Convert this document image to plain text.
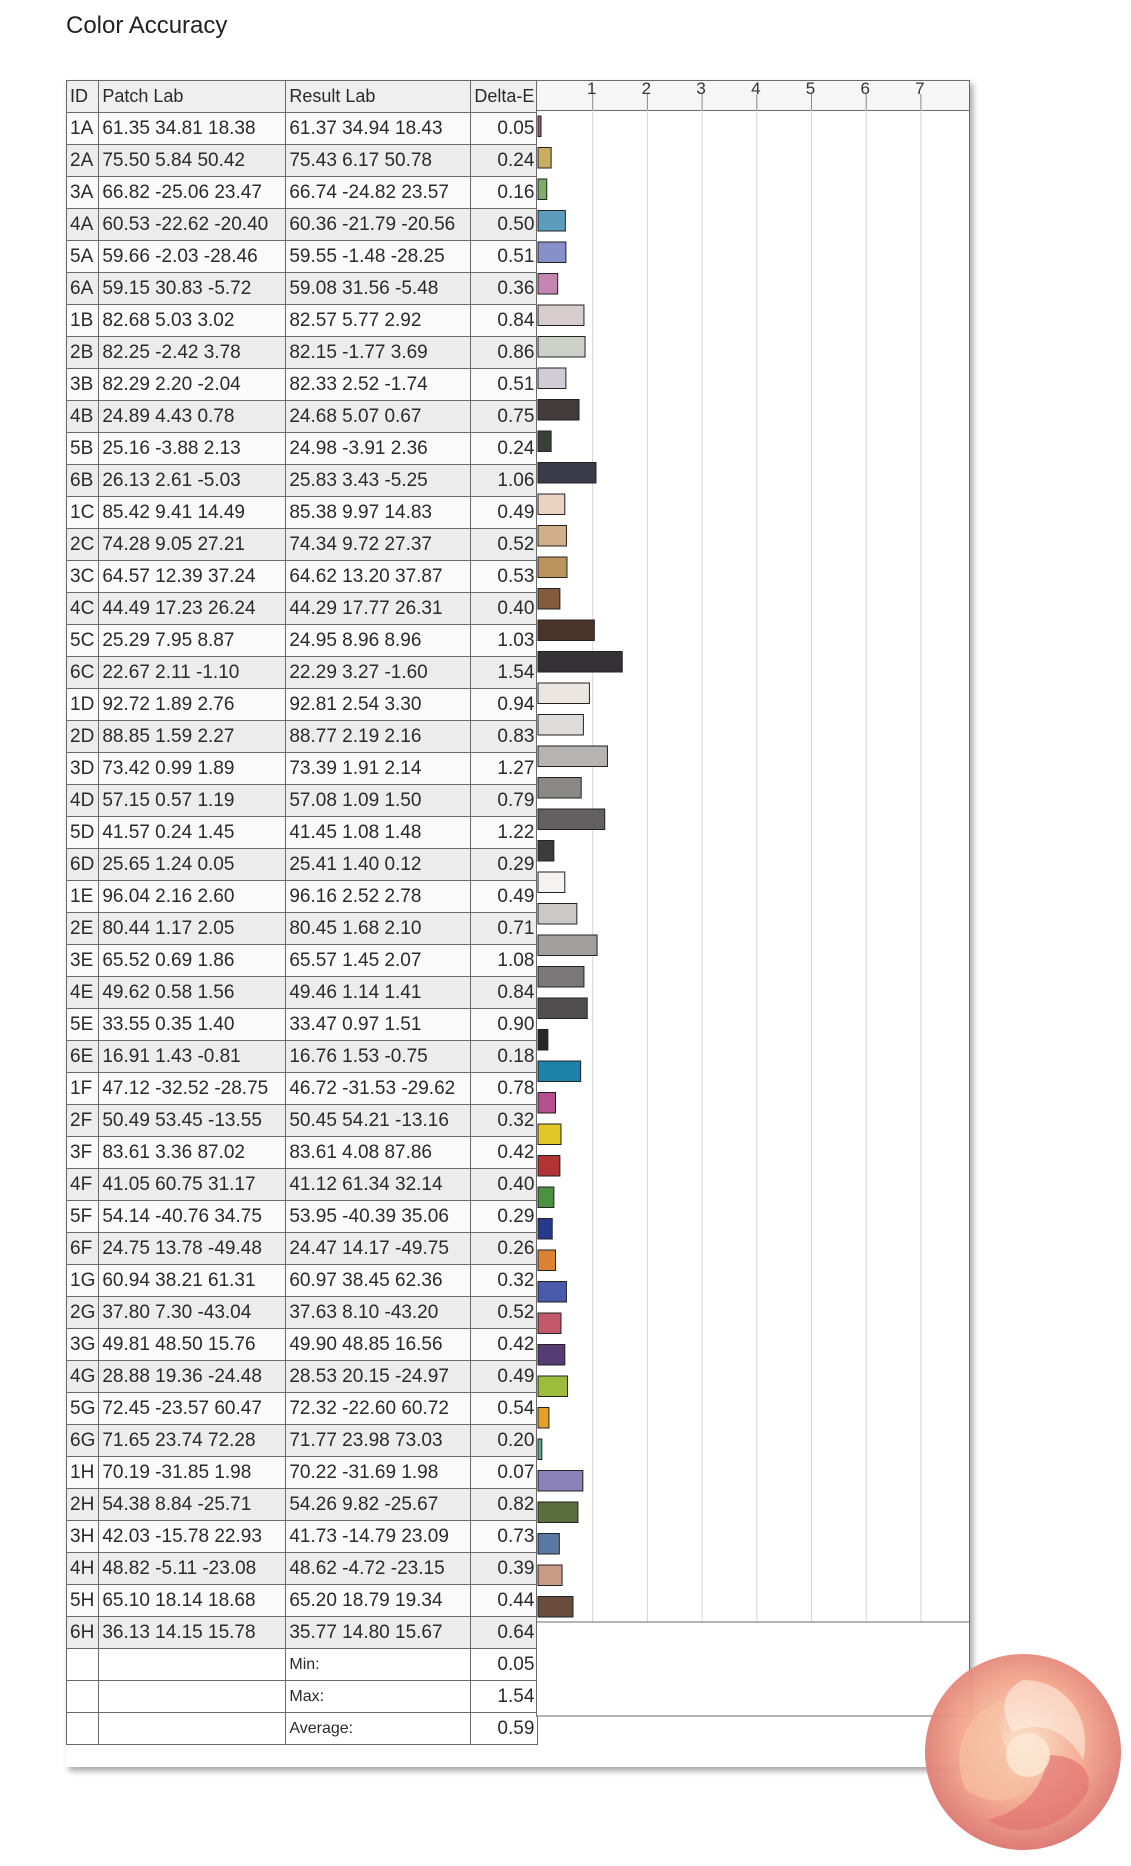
Color Accuracy
ID	Patch Lab	Result Lab	Delta-E
1A	61.35 34.81 18.38	61.37 34.94 18.43	0.05
2A	75.50 5.84 50.42	75.43 6.17 50.78	0.24
3A	66.82 -25.06 23.47	66.74 -24.82 23.57	0.16
4A	60.53 -22.62 -20.40	60.36 -21.79 -20.56	0.50
5A	59.66 -2.03 -28.46	59.55 -1.48 -28.25	0.51
6A	59.15 30.83 -5.72	59.08 31.56 -5.48	0.36
1B	82.68 5.03 3.02	82.57 5.77 2.92	0.84
2B	82.25 -2.42 3.78	82.15 -1.77 3.69	0.86
3B	82.29 2.20 -2.04	82.33 2.52 -1.74	0.51
4B	24.89 4.43 0.78	24.68 5.07 0.67	0.75
5B	25.16 -3.88 2.13	24.98 -3.91 2.36	0.24
6B	26.13 2.61 -5.03	25.83 3.43 -5.25	1.06
1C	85.42 9.41 14.49	85.38 9.97 14.83	0.49
2C	74.28 9.05 27.21	74.34 9.72 27.37	0.52
3C	64.57 12.39 37.24	64.62 13.20 37.87	0.53
4C	44.49 17.23 26.24	44.29 17.77 26.31	0.40
5C	25.29 7.95 8.87	24.95 8.96 8.96	1.03
6C	22.67 2.11 -1.10	22.29 3.27 -1.60	1.54
1D	92.72 1.89 2.76	92.81 2.54 3.30	0.94
2D	88.85 1.59 2.27	88.77 2.19 2.16	0.83
3D	73.42 0.99 1.89	73.39 1.91 2.14	1.27
4D	57.15 0.57 1.19	57.08 1.09 1.50	0.79
5D	41.57 0.24 1.45	41.45 1.08 1.48	1.22
6D	25.65 1.24 0.05	25.41 1.40 0.12	0.29
1E	96.04 2.16 2.60	96.16 2.52 2.78	0.49
2E	80.44 1.17 2.05	80.45 1.68 2.10	0.71
3E	65.52 0.69 1.86	65.57 1.45 2.07	1.08
4E	49.62 0.58 1.56	49.46 1.14 1.41	0.84
5E	33.55 0.35 1.40	33.47 0.97 1.51	0.90
6E	16.91 1.43 -0.81	16.76 1.53 -0.75	0.18
1F	47.12 -32.52 -28.75	46.72 -31.53 -29.62	0.78
2F	50.49 53.45 -13.55	50.45 54.21 -13.16	0.32
3F	83.61 3.36 87.02	83.61 4.08 87.86	0.42
4F	41.05 60.75 31.17	41.12 61.34 32.14	0.40
5F	54.14 -40.76 34.75	53.95 -40.39 35.06	0.29
6F	24.75 13.78 -49.48	24.47 14.17 -49.75	0.26
1G	60.94 38.21 61.31	60.97 38.45 62.36	0.32
2G	37.80 7.30 -43.04	37.63 8.10 -43.20	0.52
3G	49.81 48.50 15.76	49.90 48.85 16.56	0.42
4G	28.88 19.36 -24.48	28.53 20.15 -24.97	0.49
5G	72.45 -23.57 60.47	72.32 -22.60 60.72	0.54
6G	71.65 23.74 72.28	71.77 23.98 73.03	0.20
1H	70.19 -31.85 1.98	70.22 -31.69 1.98	0.07
2H	54.38 8.84 -25.71	54.26 9.82 -25.67	0.82
3H	42.03 -15.78 22.93	41.73 -14.79 23.09	0.73
4H	48.82 -5.11 -23.08	48.62 -4.72 -23.15	0.39
5H	65.10 18.14 18.68	65.20 18.79 19.34	0.44
6H	36.13 14.15 15.78	35.77 14.80 15.67	0.64
		Min:	0.05
		Max:	1.54
		Average:	0.59
1	2	3	4	5	6	7
